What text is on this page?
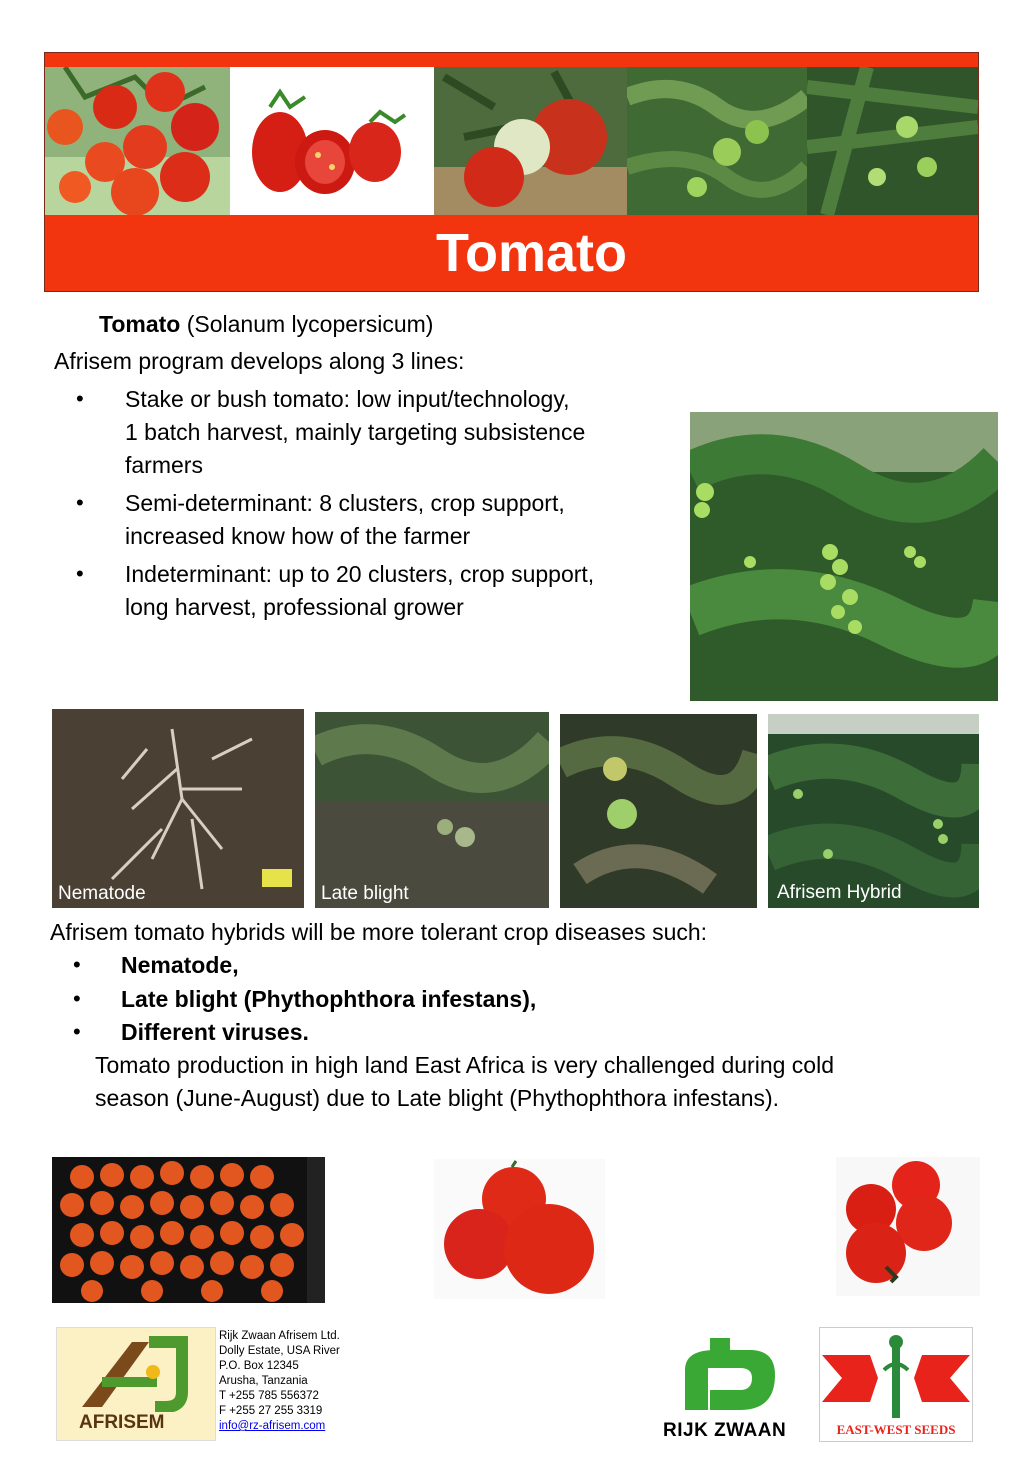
Tomato
Tomato (Solanum lycopersicum)
Afrisem program develops along 3 lines:
• Stake or bush tomato: low input/technology,
1 batch harvest, mainly targeting subsistence
farmers
• Semi-determinant: 8 clusters, crop support,
increased know how of the farmer
• Indeterminant: up to 20 clusters, crop support,
long harvest, professional grower
Nematode	Late blight	Afrisem Hybrid
Afrisem tomato hybrids will be more tolerant crop diseases such:
• Nematode,
• Late blight (Phythophthora infestans),
• Different viruses.
Tomato production in high land East Africa is very challenged during cold
season (June-August) due to Late blight (Phythophthora infestans).
AFRISEM
Rijk Zwaan Afrisem Ltd.
Dolly Estate, USA River
P.O. Box 12345
Arusha, Tanzania
T +255 785 556372
F +255 27 255 3319
info@rz-afrisem.com	RIJK ZWAAN	EAST-WEST SEEDS
